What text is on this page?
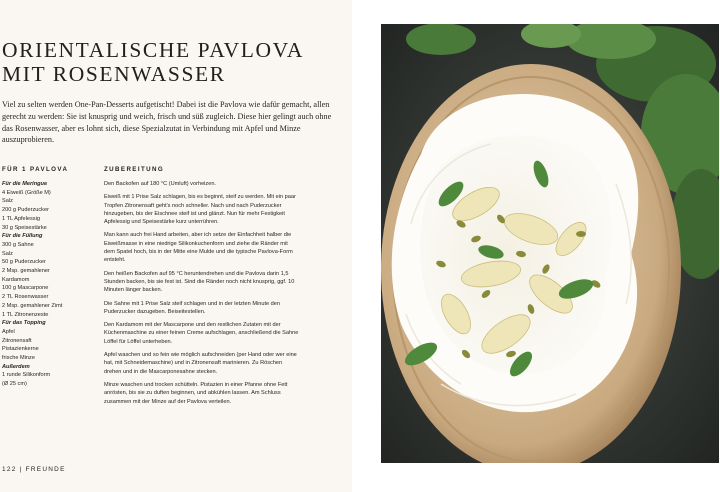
ORIENTALISCHE PAVLOVA
MIT ROSENWASSER

Viel zu selten werden One-Pan-Desserts aufgetischt! Dabei ist die Pavlova wie dafür gemacht, allen gerecht zu werden: Sie ist knusprig und weich, frisch und süß zugleich. Diese hier gelingt auch ohne das Rosenwasser, aber es lohnt sich, diese Spezialzutat in Verbindung mit Apfel und Minze auszuprobieren.

FÜR 1 PAVLOVA
Für die Meringue
4 Eiweiß (Größe M)
Salz
200 g Puderzucker
1 TL Apfelessig
30 g Speisestärke
Für die Füllung
300 g Sahne
Salz
50 g Puderzucker
2 Msp. gemahlener
Kardamom
100 g Mascarpone
2 TL Rosenwasser
2 Msp. gemahlener Zimt
1 TL Zitronenzeste
Für das Topping
Apfel
Zitronensaft
Pistazienkerne
frische Minze
Außerdem
1 runde Silikonform
(Ø 25 cm)
ZUBEREITUNG

Den Backofen auf 180 °C (Umluft) vorheizen.

Eiweiß mit 1 Prise Salz schlagen, bis es beginnt, steif zu werden. Mit ein paar Tropfen Zitronensaft geht's noch schneller. Nach und nach Puderzucker hinzugeben, bis der Eischnee steif ist und glänzt. Nun für mehr Festigkeit Apfelessig und Speisestärke kurz unterrühren.

Man kann auch frei Hand arbeiten, aber ich setze der Einfachheit halber die Eiweißmasse in eine niedrige Silikonkuchenform und ziehe die Ränder mit dem Spatel hoch, bis in der Mitte eine Mulde und die typische Pavlova-Form entsteht.

Den heißen Backofen auf 95 °C heruntendrehen und die Pavlova darin 1,5 Stunden backen, bis sie fest ist. Sind die Ränder noch nicht knusprig, ggf. 10 Minuten länger backen.

Die Sahne mit 1 Prise Salz steif schlagen und in der letzten Minute den Puderzucker dazugeben. Beiseitestellen.

Den Kardamom mit der Mascarpone und den restlichen Zutaten mit der Küchenmaschine zu einer feinen Creme aufschlagen, anschließend die Sahne Löffel für Löffel unterheben.

Apfel waschen und so fein wie möglich aufschneiden (per Hand oder wer eine hat, mit Schneidemaschine) und in Zitronensaft marinieren. Zu Röschen drehen und in die Mascarponesahne stecken.

Minze waschen und trocken schütteln. Pistazien in einer Pfanne ohne Fett anrösten, bis sie zu duften beginnen, und abkühlen lassen. Am Schluss zusammen mit der Minze auf der Pavlova verteilen.

122 | FREUNDE
